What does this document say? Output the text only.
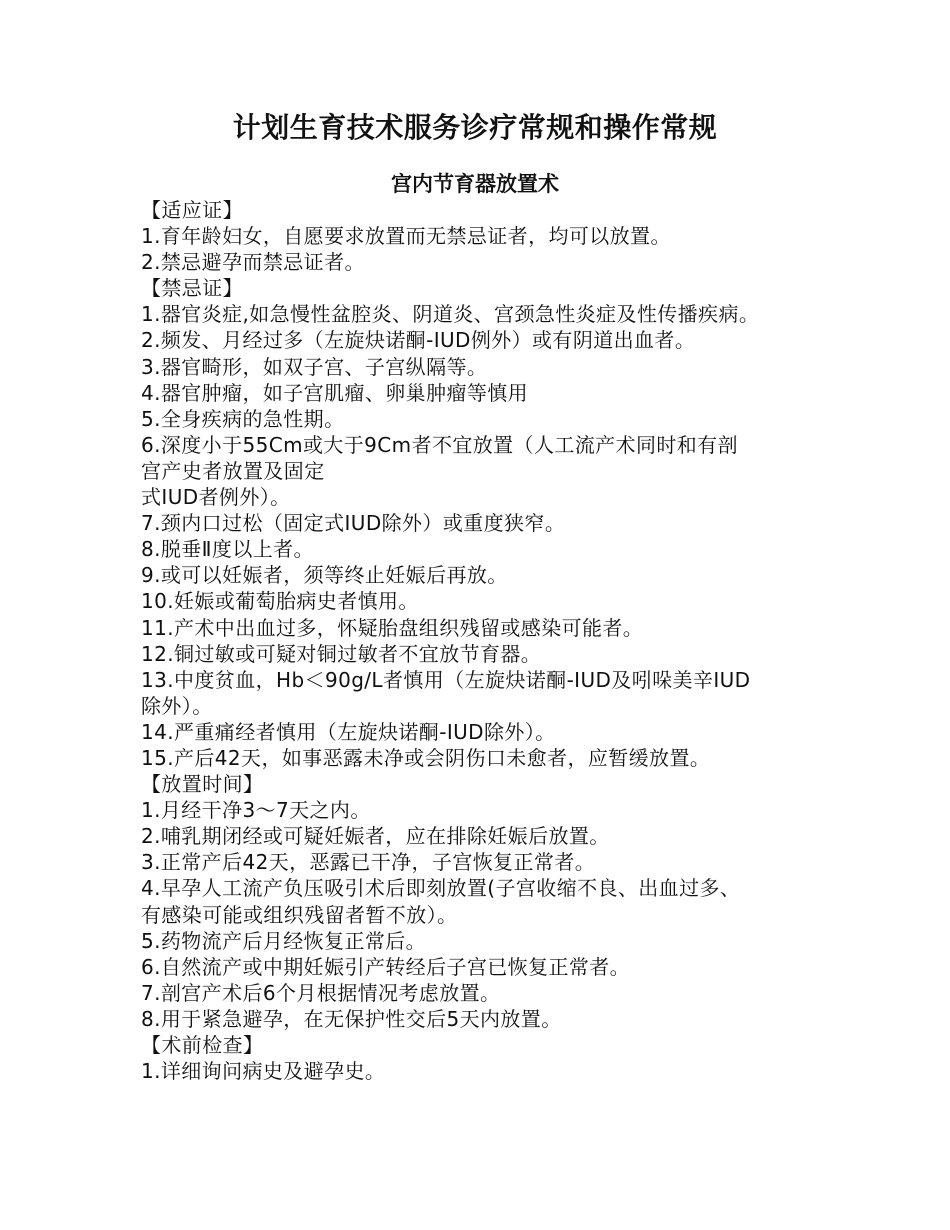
计划生育技术服务诊疗常规和操作常规
宫内节育器放置术
【适应证】
1.育年龄妇女，自愿要求放置而无禁忌证者，均可以放置。
2.禁忌避孕而禁忌证者。
【禁忌证】
1.器官炎症,如急慢性盆腔炎、阴道炎、宫颈急性炎症及性传播疾病。
2.频发、月经过多（左旋炔诺酮-IUD例外）或有阴道出血者。
3.器官畸形，如双子宫、子宫纵隔等。
4.器官肿瘤，如子宫肌瘤、卵巢肿瘤等慎用
5.全身疾病的急性期。
6.深度小于55Cm或大于9Cm者不宜放置（人工流产术同时和有剖
宫产史者放置及固定
式IUD者例外）。
7.颈内口过松（固定式IUD除外）或重度狭窄。
8.脱垂Ⅱ度以上者。
9.或可以妊娠者，须等终止妊娠后再放。
10.妊娠或葡萄胎病史者慎用。
11.产术中出血过多，怀疑胎盘组织残留或感染可能者。
12.铜过敏或可疑对铜过敏者不宜放节育器。
13.中度贫血，Hb＜90g/L者慎用（左旋炔诺酮-IUD及吲哚美辛IUD
除外）。
14.严重痛经者慎用（左旋炔诺酮-IUD除外）。
15.产后42天，如事恶露未净或会阴伤口未愈者，应暂缓放置。
【放置时间】
1.月经干净3～7天之内。
2.哺乳期闭经或可疑妊娠者，应在排除妊娠后放置。
3.正常产后42天，恶露已干净，子宫恢复正常者。
4.早孕人工流产负压吸引术后即刻放置(子宫收缩不良、出血过多、
有感染可能或组织残留者暂不放）。
5.药物流产后月经恢复正常后。
6.自然流产或中期妊娠引产转经后子宫已恢复正常者。
7.剖宫产术后6个月根据情况考虑放置。
8.用于紧急避孕，在无保护性交后5天内放置。
【术前检查】
1.详细询问病史及避孕史。
